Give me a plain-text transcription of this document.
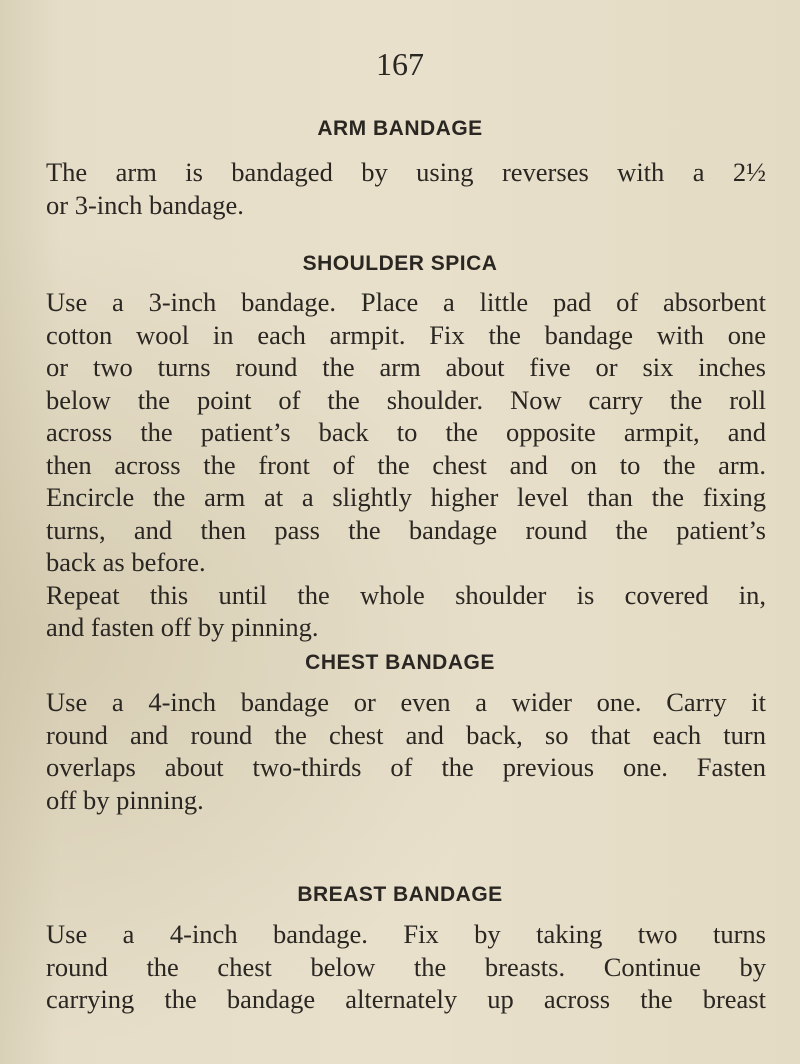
167
ARM BANDAGE
The arm is bandaged by using reverses with a 2½
or 3-inch bandage.
SHOULDER SPICA
Use a 3-inch bandage. Place a little pad of absorbent
cotton wool in each armpit. Fix the bandage with one
or two turns round the arm about five or six inches
below the point of the shoulder. Now carry the roll
across the patient’s back to the opposite armpit, and
then across the front of the chest and on to the arm.
Encircle the arm at a slightly higher level than the fixing
turns, and then pass the bandage round the patient’s
back as before.
Repeat this until the whole shoulder is covered in,
and fasten off by pinning.
CHEST BANDAGE
Use a 4-inch bandage or even a wider one. Carry it
round and round the chest and back, so that each turn
overlaps about two-thirds of the previous one. Fasten
off by pinning.
BREAST BANDAGE
Use a 4-inch bandage. Fix by taking two turns
round the chest below the breasts. Continue by
carrying the bandage alternately up across the breast
